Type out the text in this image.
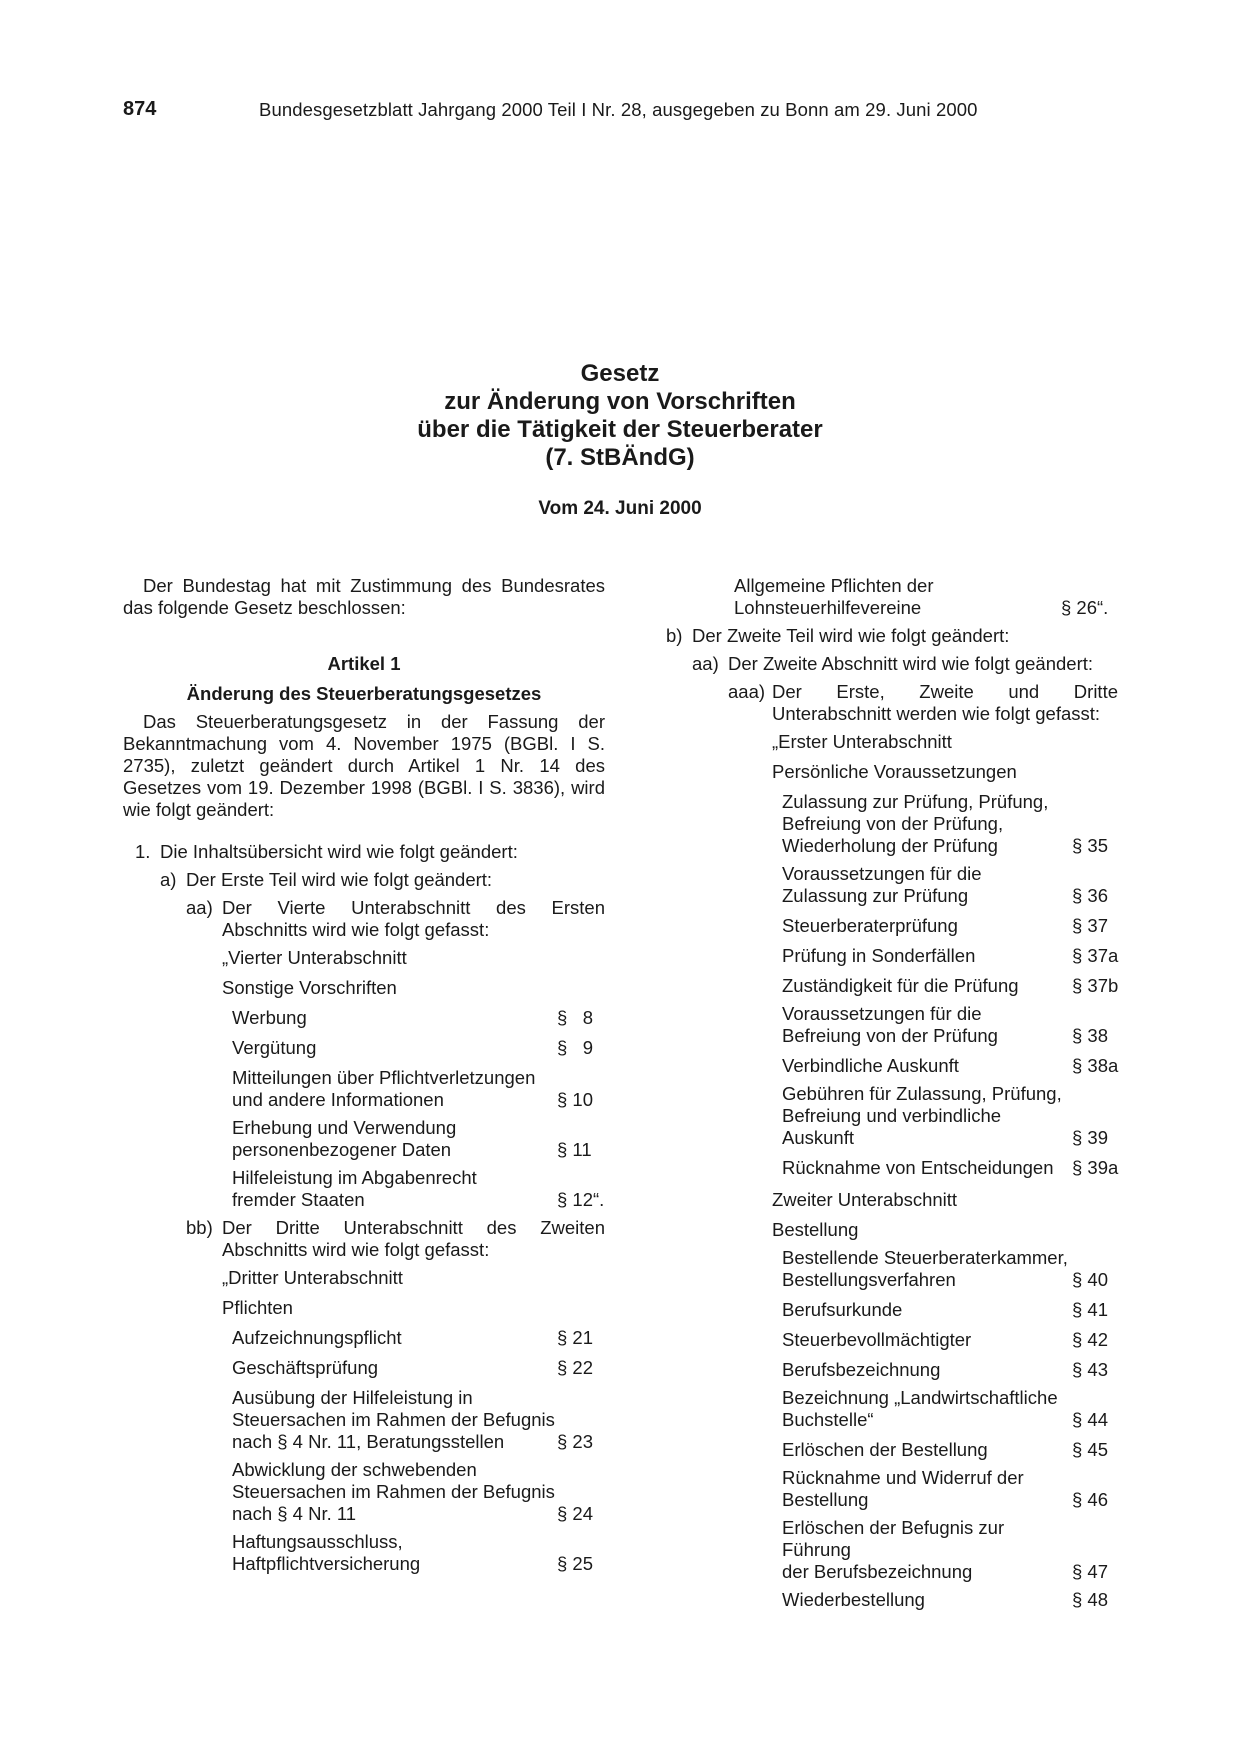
874	Bundesgesetzblatt Jahrgang 2000 Teil I Nr. 28, ausgegeben zu Bonn am 29. Juni 2000
Gesetz
zur Änderung von Vorschriften
über die Tätigkeit der Steuerberater
(7. StBÄndG)
Vom 24. Juni 2000

Der Bundestag hat mit Zustimmung des Bundesrates das folgende Gesetz beschlossen:

Artikel 1

Änderung des Steuerberatungsgesetzes

Das Steuerberatungsgesetz in der Fassung der Bekanntmachung vom 4. November 1975 (BGBl. I S. 2735), zuletzt geändert durch Artikel 1 Nr. 14 des Gesetzes vom 19. Dezember 1998 (BGBl. I S. 3836), wird wie folgt geändert:

1. Die Inhaltsübersicht wird wie folgt geändert:
a) Der Erste Teil wird wie folgt geändert:
aa) Der Vierte Unterabschnitt des Ersten Abschnitts wird wie folgt gefasst:
„Vierter Unterabschnitt
Sonstige Vorschriften
Werbung	§   8
Vergütung	§   9
Mitteilungen über Pflichtverletzungen
und andere Informationen	§ 10
Erhebung und Verwendung
personenbezogener Daten	§ 11
Hilfeleistung im Abgabenrecht
fremder Staaten	§ 12“.
bb) Der Dritte Unterabschnitt des Zweiten Abschnitts wird wie folgt gefasst:
„Dritter Unterabschnitt
Pflichten
Aufzeichnungspflicht	§ 21
Geschäftsprüfung	§ 22
Ausübung der Hilfeleistung in
Steuersachen im Rahmen der Befugnis
nach § 4 Nr. 11, Beratungsstellen	§ 23
Abwicklung der schwebenden
Steuersachen im Rahmen der Befugnis
nach § 4 Nr. 11	§ 24
Haftungsausschluss,
Haftpflichtversicherung	§ 25
Allgemeine Pflichten der
Lohnsteuerhilfevereine	§ 26“.
b) Der Zweite Teil wird wie folgt geändert:
aa) Der Zweite Abschnitt wird wie folgt geändert:
aaa) Der Erste, Zweite und Dritte Unterabschnitt werden wie folgt gefasst:
„Erster Unterabschnitt
Persönliche Voraussetzungen
Zulassung zur Prüfung, Prüfung,
Befreiung von der Prüfung,
Wiederholung der Prüfung	§ 35
Voraussetzungen für die Zulassung zur Prüfung	§ 36
Steuerberaterprüfung	§ 37
Prüfung in Sonderfällen	§ 37a
Zuständigkeit für die Prüfung	§ 37b
Voraussetzungen für die Befreiung von der Prüfung	§ 38
Verbindliche Auskunft	§ 38a
Gebühren für Zulassung, Prüfung,
Befreiung und verbindliche
Auskunft	§ 39
Rücknahme von Entscheidungen § 39a
Zweiter Unterabschnitt
Bestellung
Bestellende Steuerberaterkammer,
Bestellungsverfahren	§ 40
Berufsurkunde	§ 41
Steuerbevollmächtigter	§ 42
Berufsbezeichnung	§ 43
Bezeichnung „Landwirtschaftliche
Buchstelle“	§ 44
Erlöschen der Bestellung	§ 45
Rücknahme und Widerruf der
Bestellung	§ 46
Erlöschen der Befugnis zur Führung
der Berufsbezeichnung	§ 47
Wiederbestellung	§ 48
